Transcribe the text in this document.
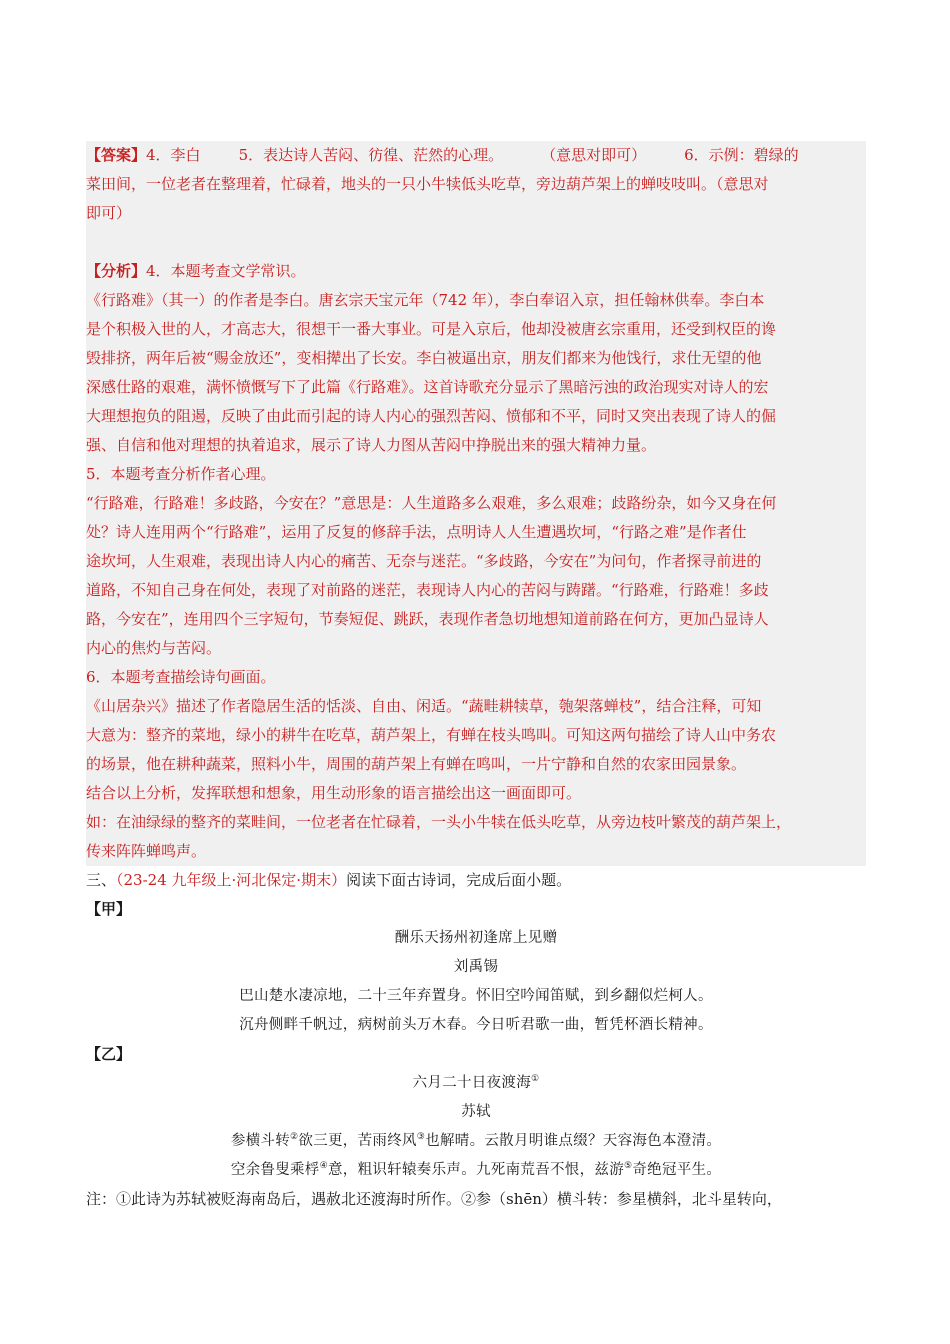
【答案】4．李白	5．表达诗人苦闷、彷徨、茫然的心理。	（意思对即可）	6．示例：碧绿的
菜田间，一位老者在整理着，忙碌着，地头的一只小牛犊低头吃草，旁边葫芦架上的蝉吱吱叫。（意思对
即可）
【分析】4．本题考查文学常识。
《行路难》（其一）的作者是李白。唐玄宗天宝元年（742 年），李白奉诏入京，担任翰林供奉。李白本
是个积极入世的人，才高志大，很想干一番大事业。可是入京后，他却没被唐玄宗重用，还受到权臣的谗
毁排挤，两年后被“赐金放还”，变相撵出了长安。李白被逼出京，朋友们都来为他饯行，求仕无望的他
深感仕路的艰难，满怀愤慨写下了此篇《行路难》。这首诗歌充分显示了黑暗污浊的政治现实对诗人的宏
大理想抱负的阻遏，反映了由此而引起的诗人内心的强烈苦闷、愤郁和不平，同时又突出表现了诗人的倔
强、自信和他对理想的执着追求，展示了诗人力图从苦闷中挣脱出来的强大精神力量。
5．本题考查分析作者心理。
“行路难，行路难！多歧路，今安在？”意思是：人生道路多么艰难，多么艰难；歧路纷杂，如今又身在何
处？诗人连用两个“行路难”，运用了反复的修辞手法，点明诗人人生遭遇坎坷，“行路之难”是作者仕
途坎坷，人生艰难，表现出诗人内心的痛苦、无奈与迷茫。“多歧路，今安在”为问句，作者探寻前进的
道路，不知自己身在何处，表现了对前路的迷茫，表现诗人内心的苦闷与踌躇。“行路难，行路难！多歧
路，今安在”，连用四个三字短句，节奏短促、跳跃，表现作者急切地想知道前路在何方，更加凸显诗人
内心的焦灼与苦闷。
6．本题考查描绘诗句画面。
《山居杂兴》描述了作者隐居生活的恬淡、自由、闲适。“蔬畦耕犊草，匏架落蝉枝”，结合注释，可知
大意为：整齐的菜地，绿小的耕牛在吃草，葫芦架上，有蝉在枝头鸣叫。可知这两句描绘了诗人山中务农
的场景，他在耕种蔬菜，照料小牛，周围的葫芦架上有蝉在鸣叫，一片宁静和自然的农家田园景象。
结合以上分析，发挥联想和想象，用生动形象的语言描绘出这一画面即可。
如：在油绿绿的整齐的菜畦间，一位老者在忙碌着，一头小牛犊在低头吃草，从旁边枝叶繁茂的葫芦架上，
传来阵阵蝉鸣声。
三、（23-24 九年级上·河北保定·期末）阅读下面古诗词，完成后面小题。
【甲】
酬乐天扬州初逢席上见赠
刘禹锡
巴山楚水凄凉地，二十三年弃置身。怀旧空吟闻笛赋，到乡翻似烂柯人。
沉舟侧畔千帆过，病树前头万木春。今日听君歌一曲，暂凭杯酒长精神。
【乙】
六月二十日夜渡海①
苏轼
参横斗转②欲三更，苦雨终风③也解晴。云散月明谁点缀？天容海色本澄清。
空余鲁叟乘桴④意，粗识轩辕奏乐声。九死南荒吾不恨，兹游⑤奇绝冠平生。
注：①此诗为苏轼被贬海南岛后，遇赦北还渡海时所作。②参（shēn）横斗转：参星横斜，北斗星转向，
